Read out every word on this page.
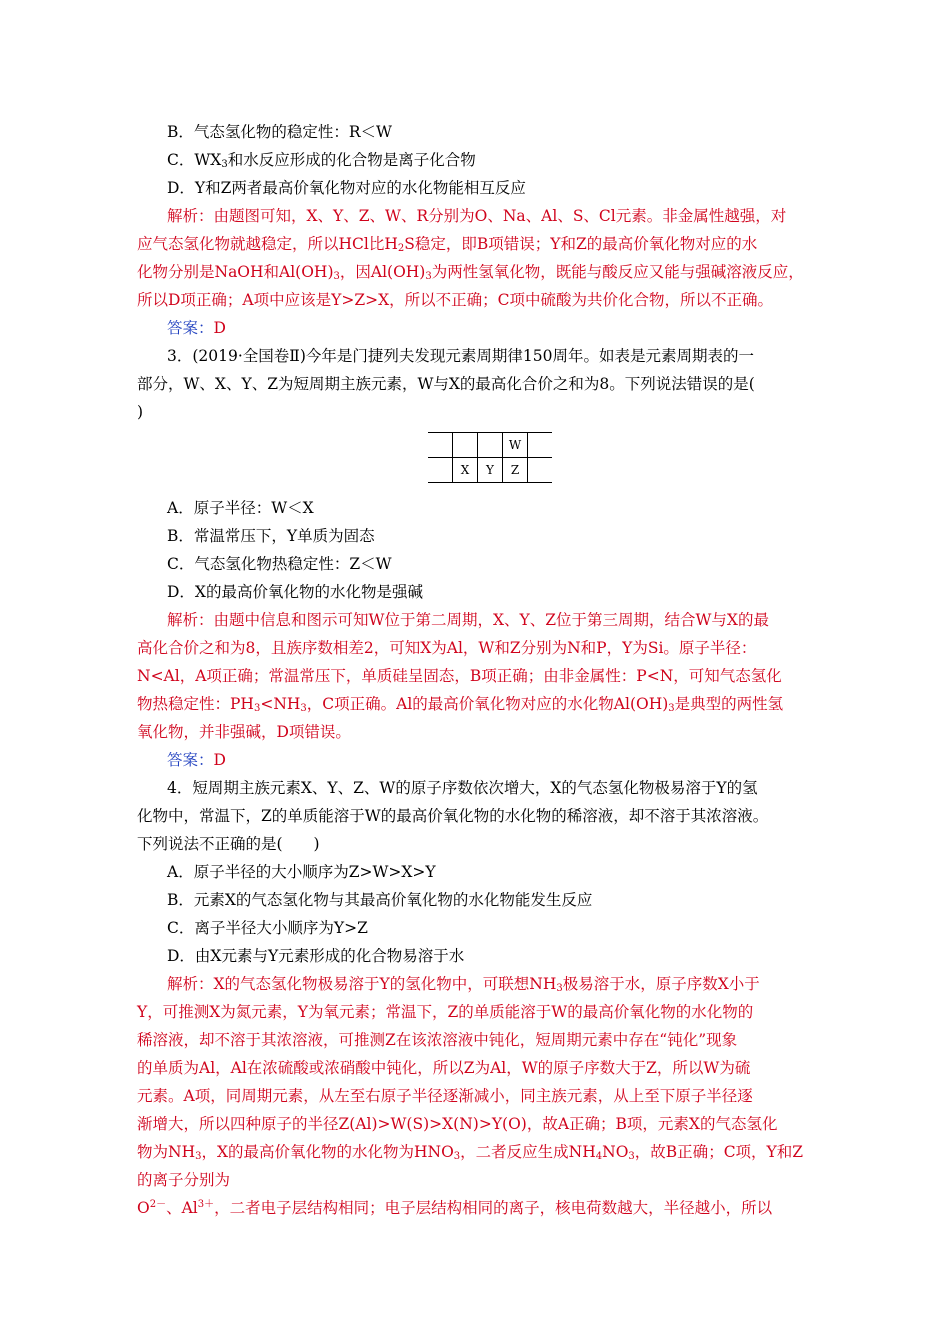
B．气态氢化物的稳定性：R＜W
C．$WX_3$和水反应形成的化合物是离子化合物
D．Y和Z两者最高价氧化物对应的水化物能相互反应
解析：由题图可知，X、Y、Z、W、R分别为O、Na、Al、S、Cl元素。非金属性越强，对
应气态氢化物就越稳定，所以HCl比$H_2S$稳定，即B项错误；Y和Z的最高价氧化物对应的水
化物分别是NaOH和$Al(OH)_3$，因$Al(OH)_3$为两性氢氧化物，既能与酸反应又能与强碱溶液反应，
所以D项正确；A项中应该是Y>Z>X，所以不正确；C项中硫酸为共价化合物，所以不正确。
答案：D
3．(2019·全国卷Ⅱ)今年是门捷列夫发现元素周期律150周年。如表是元素周期表的一
部分，W、X、Y、Z为短周期主族元素，W与X的最高化合价之和为8。下列说法错误的是(
)
			W	
	X	Y	Z	
A．原子半径：W＜X
B．常温常压下，Y单质为固态
C．气态氢化物热稳定性：Z＜W
D．X的最高价氧化物的水化物是强碱
解析：由题中信息和图示可知W位于第二周期，X、Y、Z位于第三周期，结合W与X的最
高化合价之和为8，且族序数相差2，可知X为Al，W和Z分别为N和P，Y为Si。原子半径：
N<Al，A项正确；常温常压下，单质硅呈固态，B项正确；由非金属性：P<N，可知气态氢化
物热稳定性：$PH_3<NH_3$，C项正确。Al的最高价氧化物对应的水化物$Al(OH)_3$是典型的两性氢
氧化物，并非强碱，D项错误。
答案：D
4．短周期主族元素X、Y、Z、W的原子序数依次增大，X的气态氢化物极易溶于Y的氢
化物中，常温下，Z的单质能溶于W的最高价氧化物的水化物的稀溶液，却不溶于其浓溶液。
下列说法不正确的是(　　)
A．原子半径的大小顺序为Z>W>X>Y
B．元素X的气态氢化物与其最高价氧化物的水化物能发生反应
C．离子半径大小顺序为Y>Z
D．由X元素与Y元素形成的化合物易溶于水
解析：X的气态氢化物极易溶于Y的氢化物中，可联想$NH_3$极易溶于水，原子序数X小于
Y，可推测X为氮元素，Y为氧元素；常温下，Z的单质能溶于W的最高价氧化物的水化物的
稀溶液，却不溶于其浓溶液，可推测Z在该浓溶液中钝化，短周期元素中存在“钝化”现象
的单质为Al，Al在浓硫酸或浓硝酸中钝化，所以Z为Al，W的原子序数大于Z，所以W为硫
元素。A项，同周期元素，从左至右原子半径逐渐减小，同主族元素，从上至下原子半径逐
渐增大，所以四种原子的半径Z(Al)>W(S)>X(N)>Y(O)，故A正确；B项，元素X的气态氢化
物为$NH_3$，X的最高价氧化物的水化物为$HNO_3$，二者反应生成$NH_4NO_3$，故B正确；C项，Y和Z
的离子分别为
$O^{2-}$、$Al^{3+}$，二者电子层结构相同；电子层结构相同的离子，核电荷数越大，半径越小，所以
